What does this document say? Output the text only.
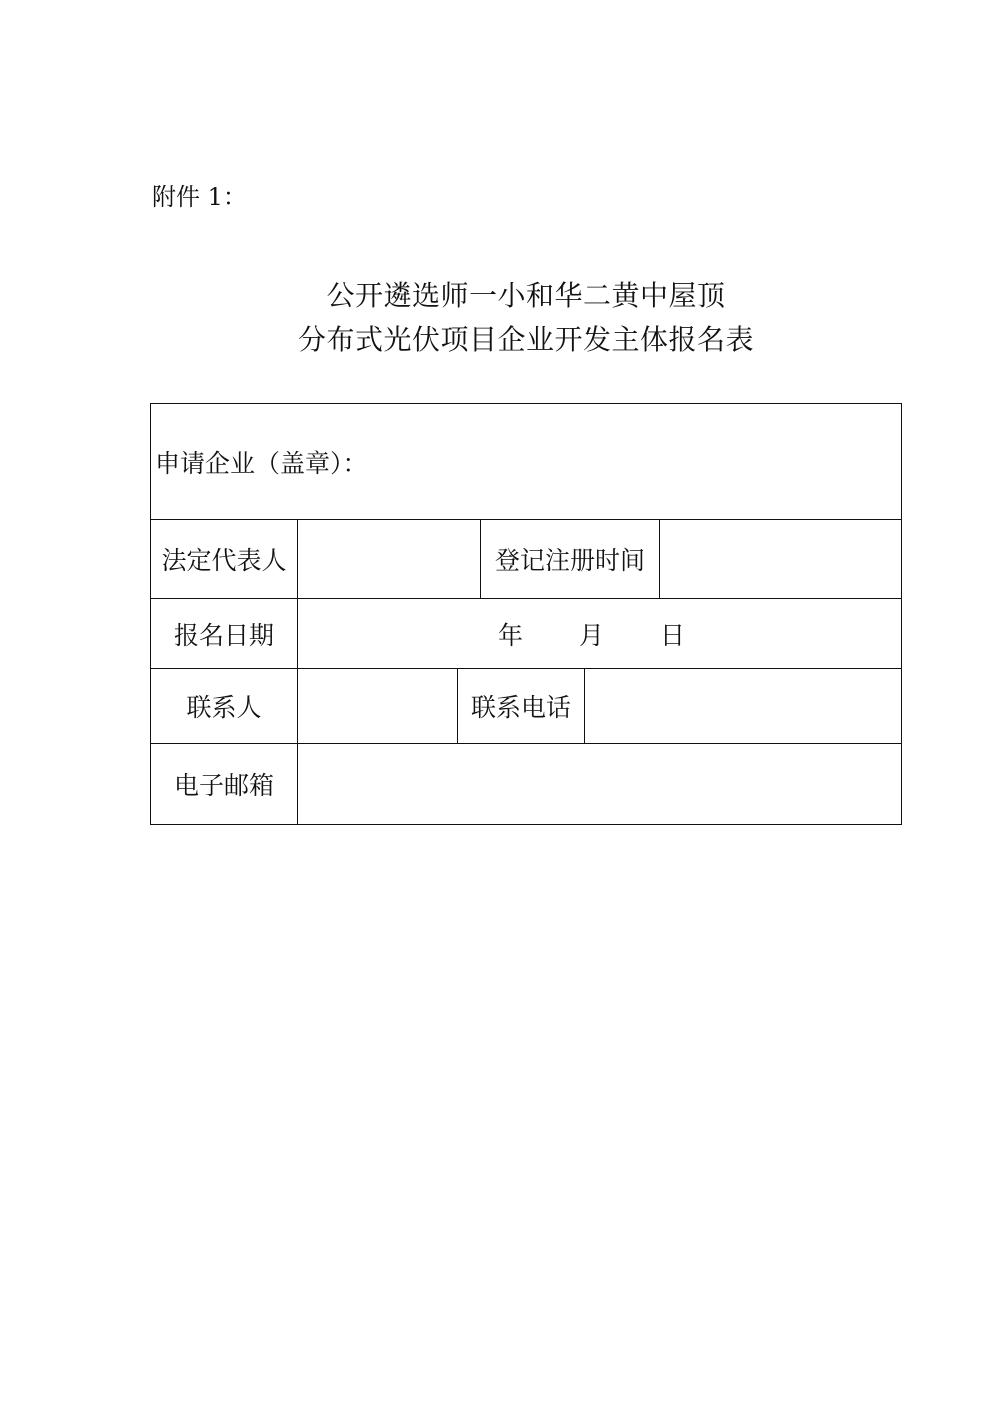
附件 1：
公开遴选师一小和华二黄中屋顶
分布式光伏项目企业开发主体报名表
申请企业（盖章）：
法定代表人	登记注册时间
报名日期	年 月 日
联系人	联系电话
电子邮箱
